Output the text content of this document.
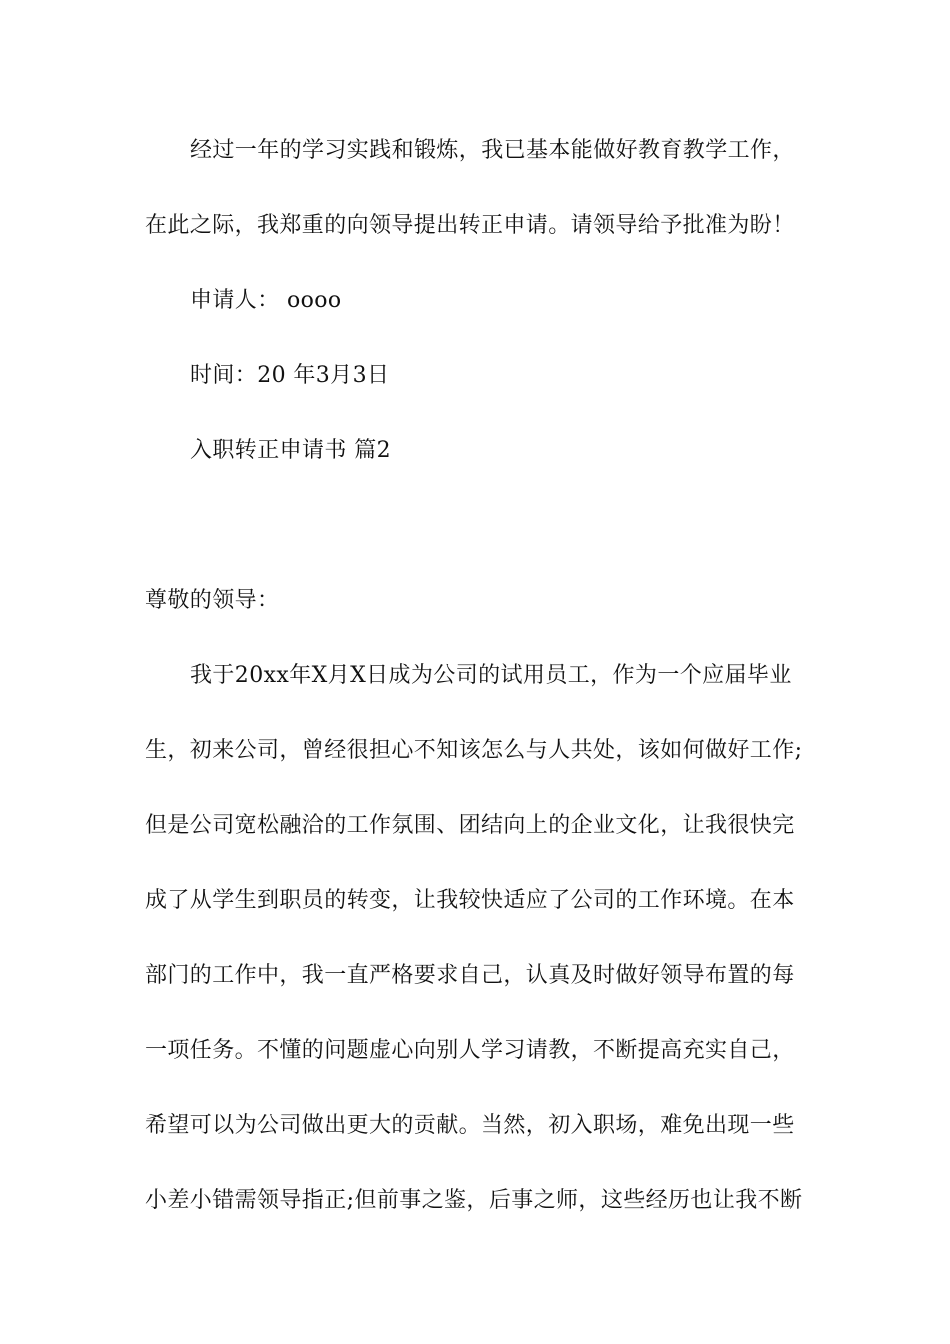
经过一年的学习实践和锻炼，我已基本能做好教育教学工作，
在此之际，我郑重的向领导提出转正申请。请领导给予批准为盼！
申请人： oooo
时间：20 年3月3日
入职转正申请书 篇2
尊敬的领导：
我于20xx年X月X日成为公司的试用员工，作为一个应届毕业
生，初来公司，曾经很担心不知该怎么与人共处，该如何做好工作;
但是公司宽松融洽的工作氛围、团结向上的企业文化，让我很快完
成了从学生到职员的转变，让我较快适应了公司的工作环境。在本
部门的工作中，我一直严格要求自己，认真及时做好领导布置的每
一项任务。不懂的问题虚心向别人学习请教，不断提高充实自己，
希望可以为公司做出更大的贡献。当然，初入职场，难免出现一些
小差小错需领导指正;但前事之鉴，后事之师，这些经历也让我不断
